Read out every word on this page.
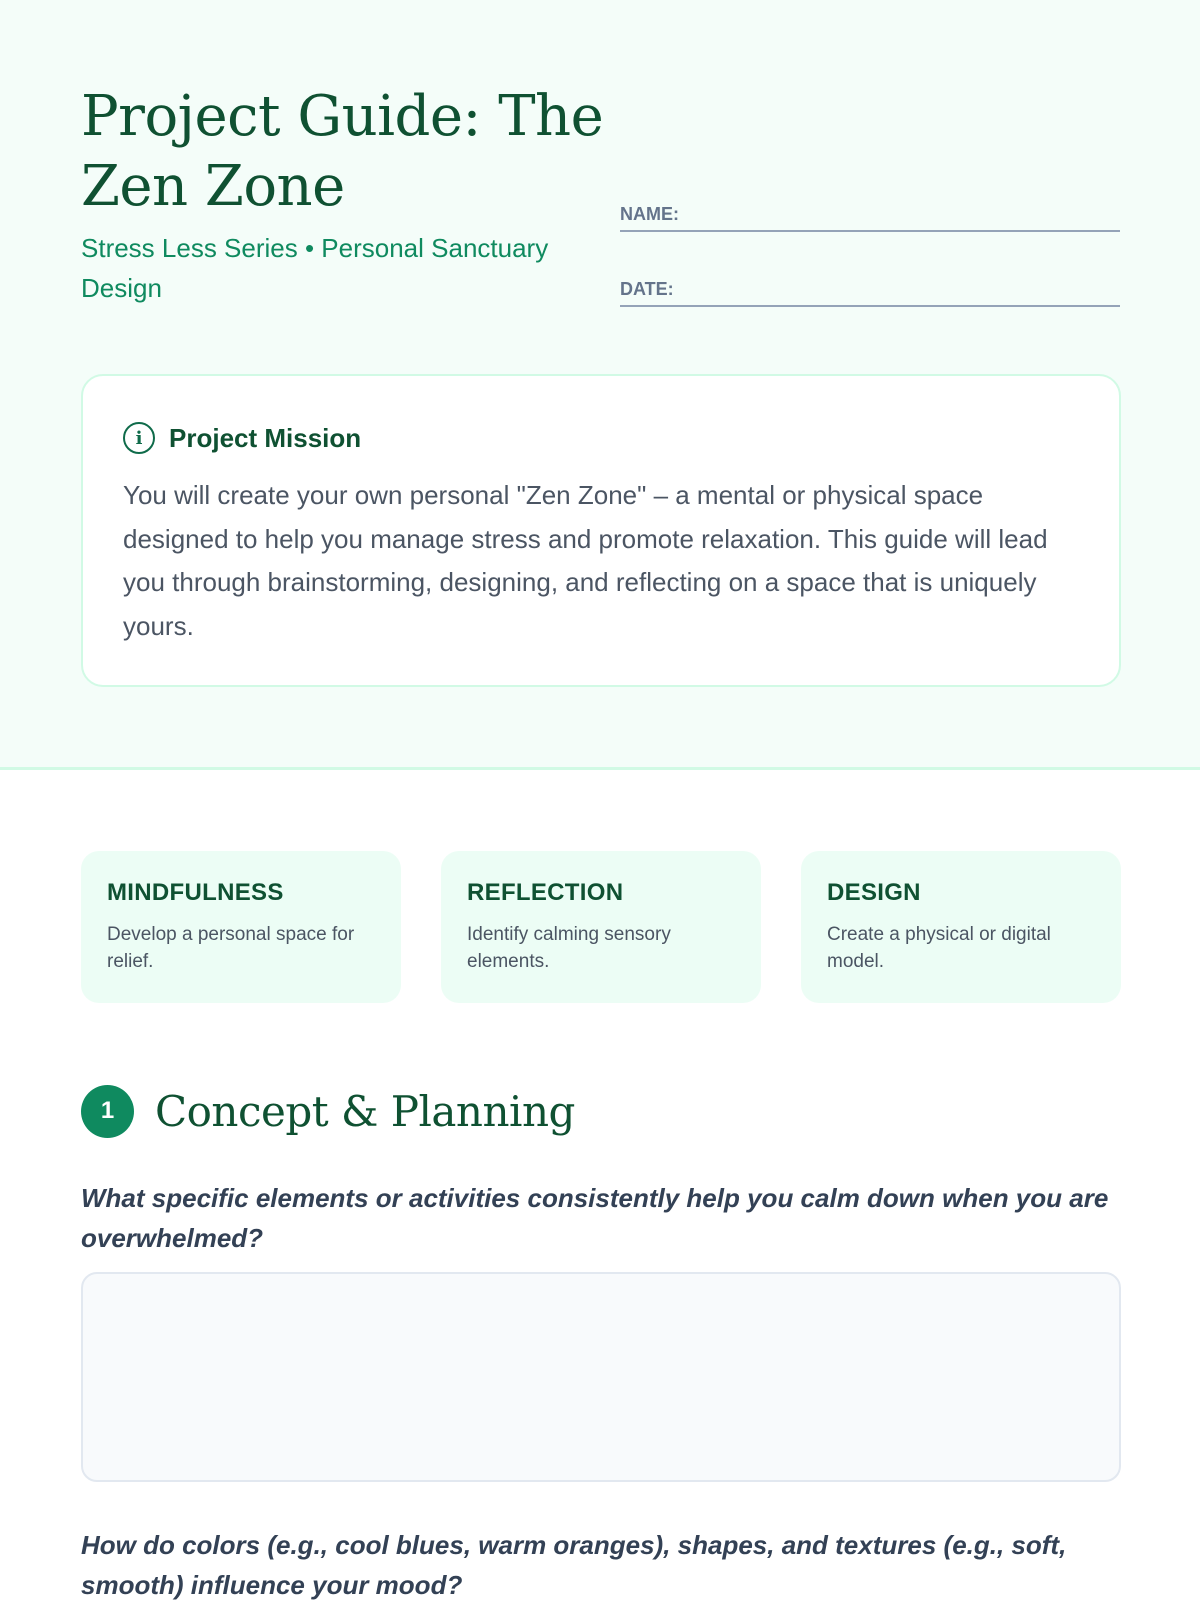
Project Guide: The Zen Zone
Stress Less Series • Personal Sanctuary Design
NAME:
DATE:
i	Project Mission

You will create your own personal "Zen Zone" – a mental or physical space designed to help you manage stress and promote relaxation. This guide will lead you through brainstorming, designing, and reflecting on a space that is uniquely yours.

MINDFULNESS
Develop a personal space for relief.
REFLECTION
Identify calming sensory elements.
DESIGN
Create a physical or digital model.
1 Concept & Planning

What specific elements or activities consistently help you calm down when you are overwhelmed?

How do colors (e.g., cool blues, warm oranges), shapes, and textures (e.g., soft, smooth) influence your mood?
